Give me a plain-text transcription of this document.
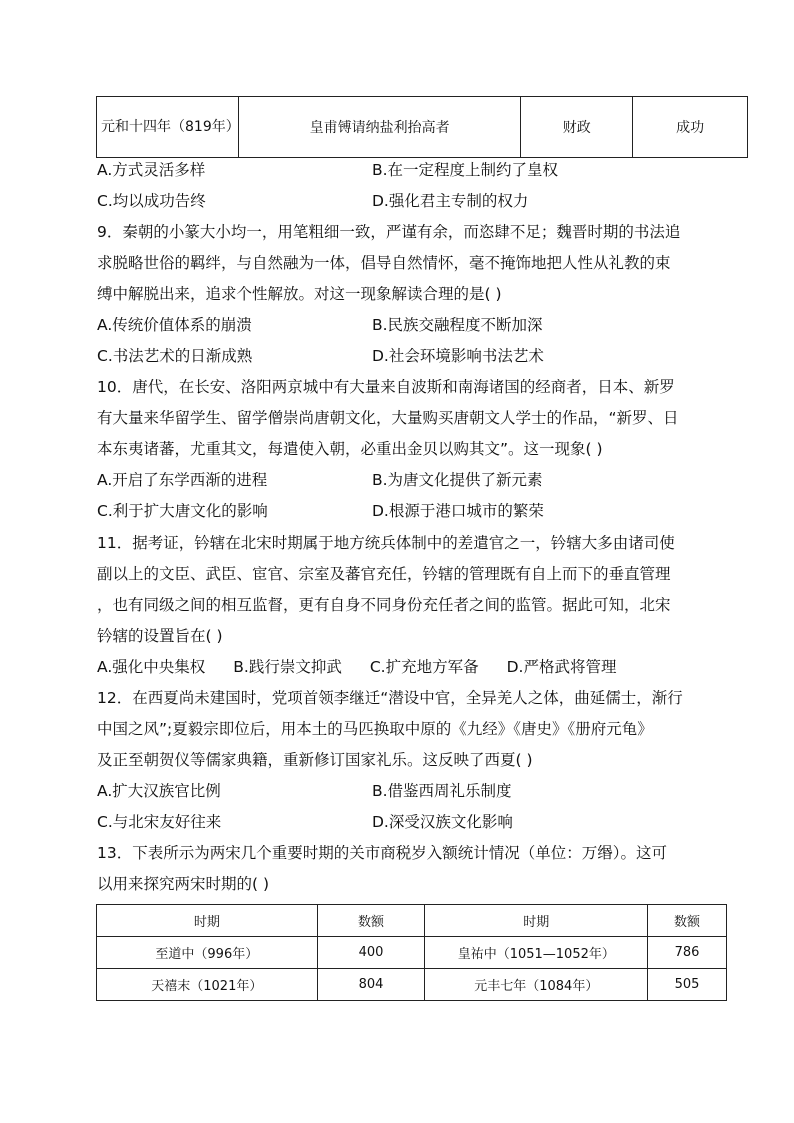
元和十四年（819年）	皇甫镈请纳盐利抬高者	财政	成功
A.方式灵活多样	B.在一定程度上制约了皇权
C.均以成功告终	D.强化君主专制的权力
9．秦朝的小篆大小均一，用笔粗细一致，严谨有余，而恣肆不足；魏晋时期的书法追
求脱略世俗的羁绊，与自然融为一体，倡导自然情怀，毫不掩饰地把人性从礼教的束
缚中解脱出来，追求个性解放。对这一现象解读合理的是( )
A.传统价值体系的崩溃	B.民族交融程度不断加深
C.书法艺术的日渐成熟	D.社会环境影响书法艺术
10．唐代，在长安、洛阳两京城中有大量来自波斯和南海诸国的经商者，日本、新罗
有大量来华留学生、留学僧崇尚唐朝文化，大量购买唐朝文人学士的作品，“新罗、日
本东夷诸蕃，尤重其文，每遣使入朝，必重出金贝以购其文”。这一现象( )
A.开启了东学西渐的进程	B.为唐文化提供了新元素
C.利于扩大唐文化的影响	D.根源于港口城市的繁荣
11．据考证，钤辖在北宋时期属于地方统兵体制中的差遣官之一，钤辖大多由诸司使
副以上的文臣、武臣、宦官、宗室及蕃官充任，钤辖的管理既有自上而下的垂直管理
，也有同级之间的相互监督，更有自身不同身份充任者之间的监管。据此可知，北宋
钤辖的设置旨在( )
A.强化中央集权 B.践行崇文抑武 C.扩充地方军备 D.严格武将管理
12．在西夏尚未建国时，党项首领李继迁“潜设中官，全异羌人之体，曲延儒士，渐行
中国之风”;夏毅宗即位后，用本土的马匹换取中原的《九经》《唐史》《册府元龟》
及正至朝贺仪等儒家典籍，重新修订国家礼乐。这反映了西夏( )
A.扩大汉族官比例	B.借鉴西周礼乐制度
C.与北宋友好往来	D.深受汉族文化影响
13．下表所示为两宋几个重要时期的关市商税岁入额统计情况（单位：万缗）。这可
以用来探究两宋时期的( )
时期	数额	时期	数额
至道中（996年）	400	皇祐中（1051—1052年）	786
天禧末（1021年）	804	元丰七年（1084年）	505
